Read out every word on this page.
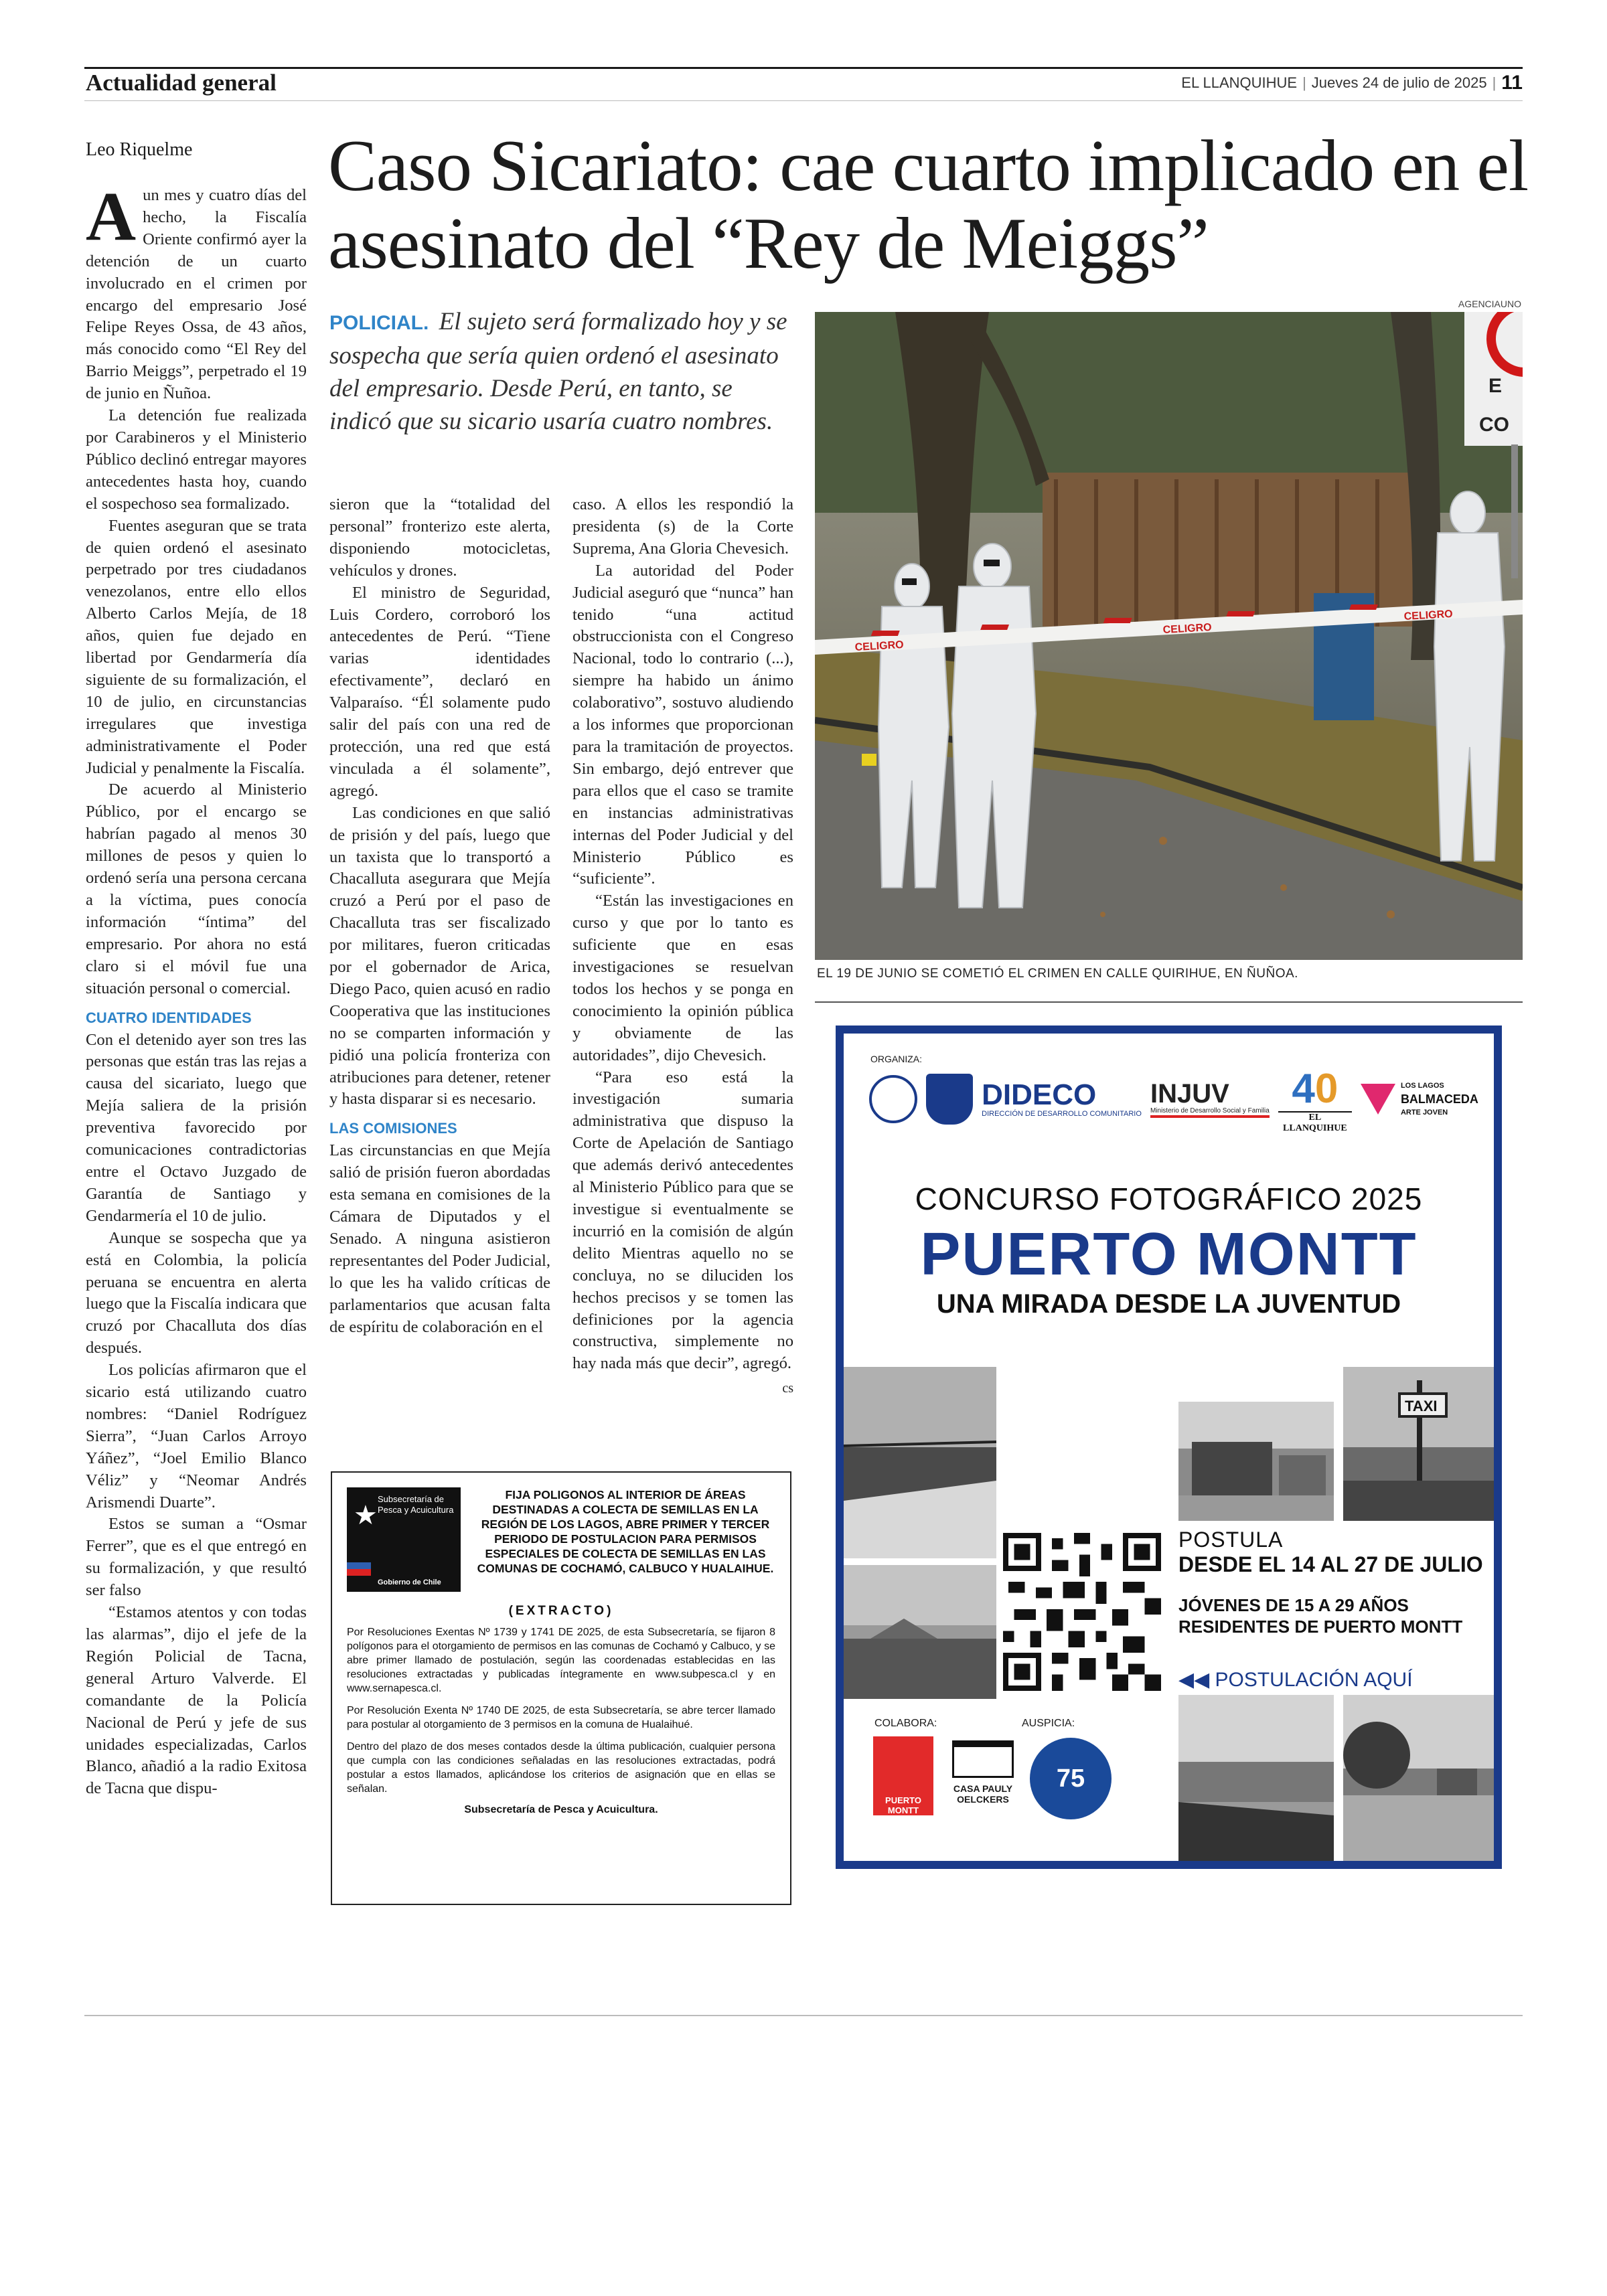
Actualidad general	EL LLANQUIHUE | Jueves 24 de julio de 2025 | 11
Leo Riquelme Caso Sicariato: cae cuarto implicado en el asesinato del “Rey de Meiggs”
POLICIAL. El sujeto será formalizado hoy y se sospecha que sería quien ordenó el asesinato del empresario. Desde Perú, en tanto, se indicó que su sicario usaría cuatro nombres.

Aun mes y cuatro días del hecho, la Fiscalía Oriente confirmó ayer la detención de un cuarto involucrado en el crimen por encargo del empresario José Felipe Reyes Ossa, de 43 años, más conocido como “El Rey del Barrio Meiggs”, perpetrado el 19 de junio en Ñuñoa.

La detención fue realizada por Carabineros y el Ministerio Público declinó entregar mayores antecedentes hasta hoy, cuando el sospechoso sea formalizado.

Fuentes aseguran que se trata de quien ordenó el asesinato perpetrado por tres ciudadanos venezolanos, entre ello ellos Alberto Carlos Mejía, de 18 años, quien fue dejado en libertad por Gendarmería día siguiente de su formalización, el 10 de julio, en circunstancias irregulares que investiga administrativamente el Poder Judicial y penalmente la Fiscalía.

De acuerdo al Ministerio Público, por el encargo se habrían pagado al menos 30 millones de pesos y quien lo ordenó sería una persona cercana a la víctima, pues conocía información “íntima” del empresario. Por ahora no está claro si el móvil fue una situación personal o comercial.

CUATRO IDENTIDADES

Con el detenido ayer son tres las personas que están tras las rejas a causa del sicariato, luego que Mejía saliera de la prisión preventiva favorecido por comunicaciones contradictorias entre el Octavo Juzgado de Garantía de Santiago y Gendarmería el 10 de julio.

Aunque se sospecha que ya está en Colombia, la policía peruana se encuentra en alerta luego que la Fiscalía indicara que cruzó por Chacalluta dos días después.

Los policías afirmaron que el sicario está utilizando cuatro nombres: “Daniel Rodríguez Sierra”, “Juan Carlos Arroyo Yáñez”, “Joel Emilio Blanco Véliz” y “Neomar Andrés Arismendi Duarte”.

Estos se suman a “Osmar Ferrer”, que es el que entregó en su formalización, y que resultó ser falso

“Estamos atentos y con todas las alarmas”, dijo el jefe de la Región Policial de Tacna, general Arturo Valverde. El comandante de la Policía Nacional de Perú y jefe de sus unidades especializadas, Carlos Blanco, añadió a la radio Exitosa de Tacna que dispu-

sieron que la “totalidad del personal” fronterizo este alerta, disponiendo motocicletas, vehículos y drones.

El ministro de Seguridad, Luis Cordero, corroboró los antecedentes de Perú. “Tiene varias identidades efectivamente”, declaró en Valparaíso. “Él solamente pudo salir del país con una red de protección, una red que está vinculada a él solamente”, agregó.

Las condiciones en que salió de prisión y del país, luego que un taxista que lo transportó a Chacalluta asegurara que Mejía cruzó a Perú por el paso de Chacalluta tras ser fiscalizado por militares, fueron criticadas por el gobernador de Arica, Diego Paco, quien acusó en radio Cooperativa que las instituciones no se comparten información y pidió una policía fronteriza con atribuciones para detener, retener y hasta disparar si es necesario.

LAS COMISIONES

Las circunstancias en que Mejía salió de prisión fueron abordadas esta semana en comisiones de la Cámara de Diputados y el Senado. A ninguna asistieron representantes del Poder Judicial, lo que les ha valido críticas de parlamentarios que acusan falta de espíritu de colaboración en el

caso. A ellos les respondió la presidenta (s) de la Corte Suprema, Ana Gloria Chevesich.

La autoridad del Poder Judicial aseguró que “nunca” han tenido “una actitud obstruccionista con el Congreso Nacional, todo lo contrario (...), siempre ha habido un ánimo colaborativo”, sostuvo aludiendo a los informes que proporcionan para la tramitación de proyectos. Sin embargo, dejó entrever que para ellos que el caso se tramite en instancias administrativas internas del Poder Judicial y del Ministerio Público es “suficiente”.

“Están las investigaciones en curso y que por lo tanto es suficiente que en esas investigaciones se resuelvan todos los hechos y se ponga en conocimiento la opinión pública y obviamente de las autoridades”, dijo Chevesich.

“Para eso está la investigación sumaria administrativa que dispuso la Corte de Apelación de Santiago que además derivó antecedentes al Ministerio Público para que se investigue si eventualmente se incurrió en la comisión de algún delito Mientras aquello no se concluya, no se diluciden los hechos precisos y se tomen las definiciones por la agencia constructiva, simplemente no hay nada más que decir”, agregó.
cs

AGENCIAUNO
E
CO
CELIGRO
CELIGRO
CELIGRO
EL 19 DE JUNIO SE COMETIÓ EL CRIMEN EN CALLE QUIRIHUE, EN ÑUÑOA.
★
Subsecretaría de Pesca y Acuicultura
Gobierno de Chile
FIJA POLIGONOS AL INTERIOR DE ÁREAS DESTINADAS A COLECTA DE SEMILLAS EN LA REGIÓN DE LOS LAGOS, ABRE PRIMER Y TERCER PERIODO DE POSTULACION PARA PERMISOS ESPECIALES DE COLECTA DE SEMILLAS EN LAS COMUNAS DE COCHAMÓ, CALBUCO Y HUALAIHUE.
(EXTRACTO)

Por Resoluciones Exentas Nº 1739 y 1741 DE 2025, de esta Subsecretaría, se fijaron 8 polígonos para el otorgamiento de permisos en las comunas de Cochamó y Calbuco, y se abre primer llamado de postulación, según las coordenadas establecidas en las resoluciones extractadas y publicadas íntegramente en www.subpesca.cl y en www.sernapesca.cl.

Por Resolución Exenta Nº 1740 DE 2025, de esta Subsecretaría, se abre tercer llamado para postular al otorgamiento de 3 permisos en la comuna de Hualaihué.

Dentro del plazo de dos meses contados desde la última publicación, cualquier persona que cumpla con las condiciones señaladas en las resoluciones extractadas, podrá postular a estos llamados, aplicándose los criterios de asignación que en ellas se señalan.

Subsecretaría de Pesca y Acuicultura.
ORGANIZA:
DIDECO
DIRECCIÓN DE DESARROLLO COMUNITARIO
INJUV
Ministerio de Desarrollo Social y Familia 40
EL LLANQUIHUE
LOS LAGOS
BALMACEDA
ARTE JOVEN
CONCURSO FOTOGRÁFICO 2025
PUERTO MONTT
UNA MIRADA DESDE LA JUVENTUD
TAXI
POSTULA
DESDE EL 14 AL 27 DE JULIO
JÓVENES DE 15 A 29 AÑOS
RESIDENTES DE PUERTO MONTT
◀◀ POSTULACIÓN AQUÍ
COLABORA:	AUSPICIA:
PUERTO MONTT
CASA PAULY
OELCKERS
75
